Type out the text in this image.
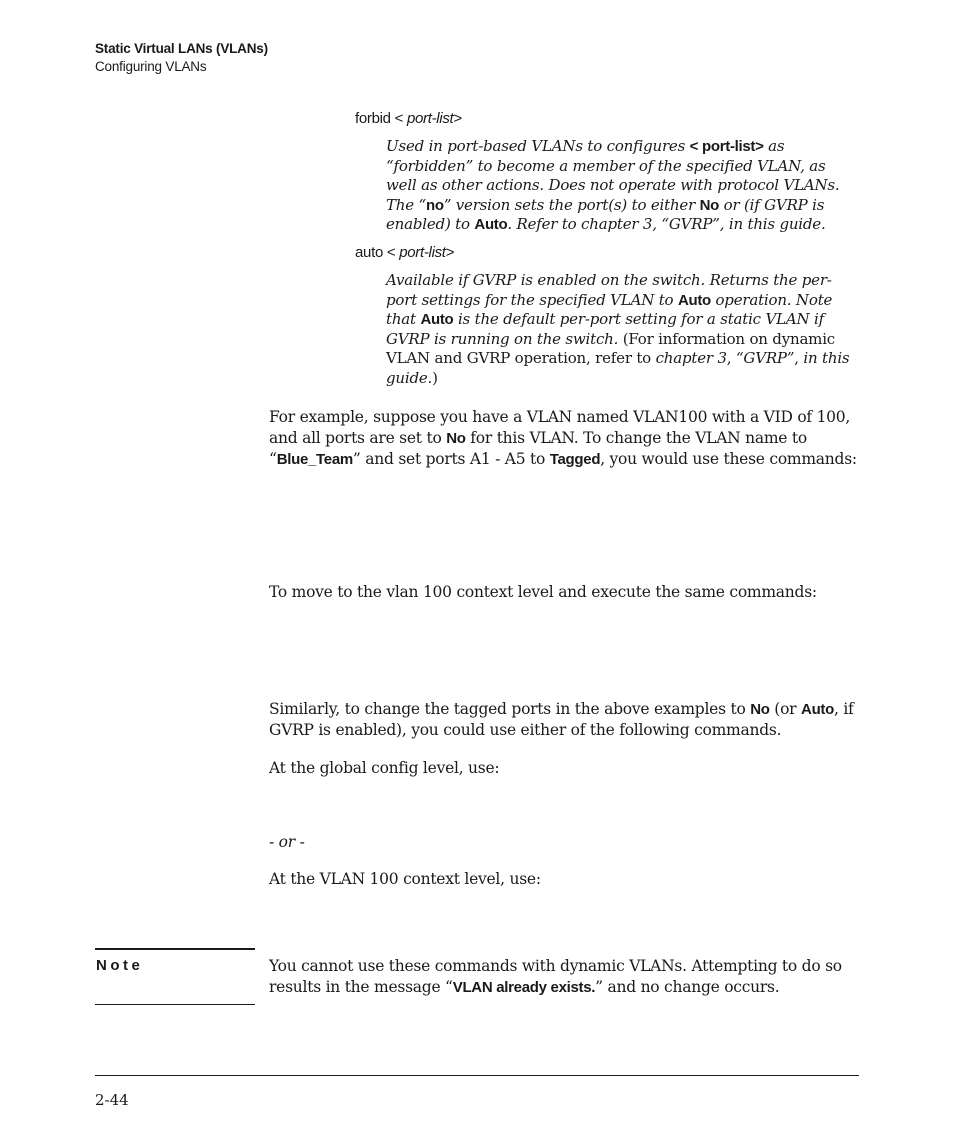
Static Virtual LANs (VLANs)
Configuring VLANs
forbid < port-list>
Used in port-based VLANs to configures < port-list> as “forbidden” to become a member of the specified VLAN, as well as other actions. Does not operate with protocol VLANs. The “no” version sets the port(s) to either No or (if GVRP is enabled) to Auto. Refer to chapter 3, “GVRP”, in this guide.
auto < port-list>
Available if GVRP is enabled on the switch. Returns the per-port settings for the specified VLAN to Auto operation. Note that Auto is the default per-port setting for a static VLAN if GVRP is running on the switch. (For information on dynamic VLAN and GVRP operation, refer to chapter 3, “GVRP”, in this guide.)
For example, suppose you have a VLAN named VLAN100 with a VID of 100, and all ports are set to No for this VLAN. To change the VLAN name to “Blue_Team” and set ports A1 - A5 to Tagged, you would use these commands:
To move to the vlan 100 context level and execute the same commands:
Similarly, to change the tagged ports in the above examples to No (or Auto, if GVRP is enabled), you could use either of the following commands.
At the global config level, use:
- or -
At the VLAN 100 context level, use:
Note	You cannot use these commands with dynamic VLANs. Attempting to do so results in the message “VLAN already exists.” and no change occurs.
2-44
